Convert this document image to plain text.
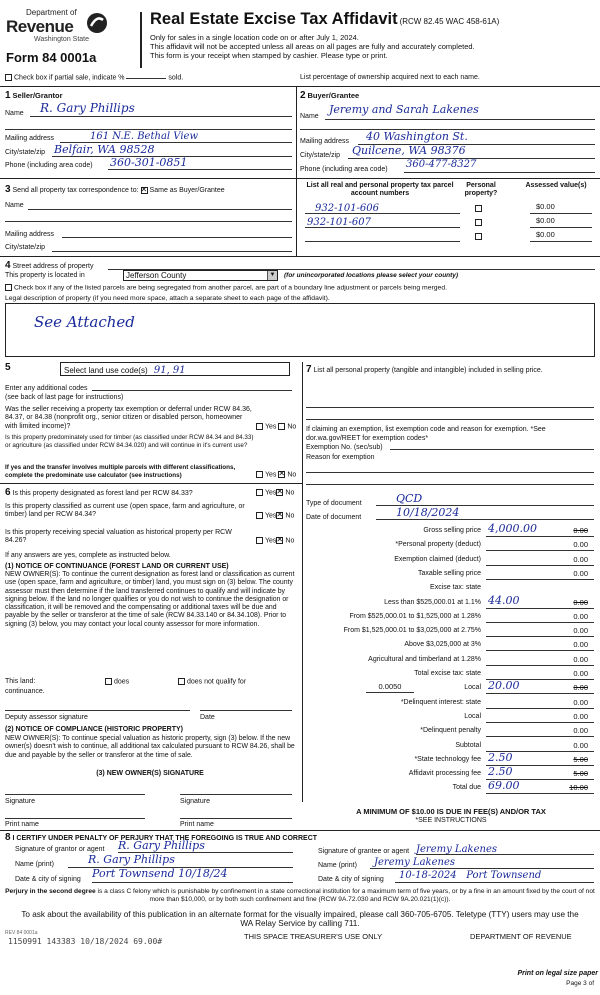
Department of
Revenue
Washington State
Form 84 0001a
Real Estate Excise Tax Affidavit (RCW 82.45 WAC 458-61A)
Only for sales in a single location code on or after July 1, 2024.
This affidavit will not be accepted unless all areas on all pages are fully and accurately completed.
This form is your receipt when stamped by cashier. Please type or print.
Check box if partial sale, indicate %	sold.	List percentage of ownership acquired next to each name.
1 Seller/Grantor
Name	R. Gary Phillips
Mailing address	161 N.E. Bethal View
City/state/zip Belfair, WA 98528
Phone (including area code) 360-301-0851
2 Buyer/Grantee
Name
Jeremy and Sarah Lakenes
Mailing address	40 Washington St.
City/state/zip	Quilcene, WA 98376
Phone (including area code) 360-477-8327
3 Send all property tax correspondence to: ✕ Same as Buyer/Grantee
Name
Mailing address
City/state/zip
List all real and personal property tax parcel account numbers
Personal property?
Assessed value(s)
932-101-606	$0.00
932-101-607	$0.00
$0.00
4 Street address of property
This property is located in	Jefferson County	▼ (for unincorporated locations please select your county)
Check box if any of the listed parcels are being segregated from another parcel, are part of a boundary line adjustment or parcels being merged.
Legal description of property (if you need more space, attach a separate sheet to each page of the affidavit).
See Attached
5	Select land use code(s) 91, 91
Enter any additional codes
(see back of last page for instructions)
Was the seller receiving a property tax exemption or deferral under RCW 84.36, 84.37, or 84.38 (nonprofit org., senior citizen or disabled person, homeowner with limited income)?	Yes No
Is this property predominately used for timber (as classified under RCW 84.34 and 84.33) or agriculture (as classified under RCW 84.34.020) and will continue in it's current use?
If yes and the transfer involves multiple parcels with different classifications, complete the predominate use calculator (see instructions)	Yes ✕ No
6 Is this property designated as forest land per RCW 84.33?	Yes ✕ No
Is this property classified as current use (open space, farm and agriculture, or timber) land per RCW 84.34?	Yes ✕ No
Is this property receiving special valuation as historical property per RCW 84.26?	Yes ✕ No
If any answers are yes, complete as instructed below.
(1) NOTICE OF CONTINUANCE (FOREST LAND OR CURRENT USE)
NEW OWNER(S): To continue the current designation as forest land or classification as current use (open space, farm and agriculture, or timber) land, you must sign on (3) below. The county assessor must then determine if the land transferred continues to qualify and will indicate by signing below. If the land no longer qualifies or you do not wish to continue the designation or classification, it will be removed and the compensating or additional taxes will be due and payable by the seller or transferor at the time of sale (RCW 84.33.140 or 84.34.108). Prior to signing (3) below, you may contact your local county assessor for more information.
This land:	does	does not qualify for
continuance.
Deputy assessor signature	Date
(2) NOTICE OF COMPLIANCE (HISTORIC PROPERTY)
NEW OWNER(S): To continue special valuation as historic property, sign (3) below. If the new owner(s) doesn't wish to continue, all additional tax calculated pursuant to RCW 84.26, shall be due and payable by the seller or transferor at the time of sale.
(3) NEW OWNER(S) SIGNATURE
Signature	Signature
Print name	Print name
7 List all personal property (tangible and intangible) included in selling price.
If claiming an exemption, list exemption code and reason for exemption. *See dor.wa.gov/REET for exemption codes*
Exemption No. (sec/sub)
Reason for exemption
Type of document	QCD
Date of document	10/18/2024
Gross selling price 4,000.00	0.00
*Personal property (deduct)	0.00
Exemption claimed (deduct)	0.00
Taxable selling price	0.00
Excise tax: state
Less than $525,000.01 at 1.1% 44.00	0.00
From $525,000.01 to $1,525,000 at 1.28%	0.00
From $1,525,000.01 to $3,025,000 at 2.75%	0.00
Above $3,025,000 at 3%	0.00
Agricultural and timberland at 1.28%	0.00
Total excise tax: state	0.00
0.0050	Local 20.00	0.00
*Delinquent interest: state	0.00
Local	0.00
*Delinquent penalty	0.00
Subtotal	0.00
*State technology fee 2.50	5.00
Affidavit processing fee 2.50	5.00
Total due 69.00	10.00
A MINIMUM OF $10.00 IS DUE IN FEE(S) AND/OR TAX
*SEE INSTRUCTIONS
8 I CERTIFY UNDER PENALTY OF PERJURY THAT THE FOREGOING IS TRUE AND CORRECT
Signature of grantor or agent R. Gary Phillips
Name (print)	R. Gary Phillips
Date & city of signing Port Townsend 10/18/24
Signature of grantee or agent Jeremy Lakenes
Name (print)	Jeremy Lakenes
Date & city of signing	10-18-2024   Port Townsend
Perjury in the second degree is a class C felony which is punishable by confinement in a state correctional institution for a maximum term of five years, or by a fine in an amount fixed by the court of not more than $10,000, or by both such confinement and fine (RCW 9A.72.030 and RCW 9A.20.021(1)(c)).
To ask about the availability of this publication in an alternate format for the visually impaired, please call 360-705-6705. Teletype (TTY) users may use the WA Relay Service by calling 711.
REV 84 0001a
1150991 143383 10/18/2024 69.00#
THIS SPACE TREASURER'S USE ONLY	DEPARTMENT OF REVENUE
Print on legal size paper
Page 3 of
